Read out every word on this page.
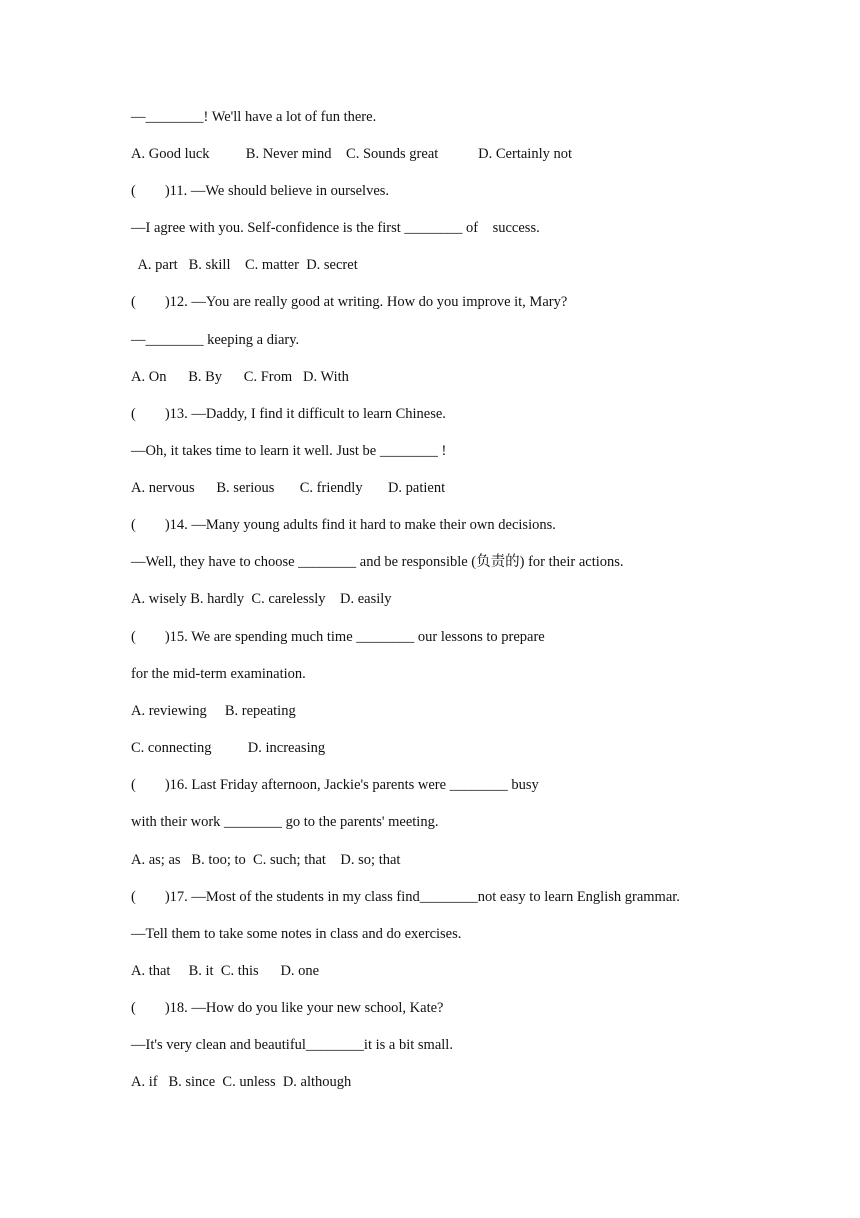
—________! We'll have a lot of fun there.
A. Good luck          B. Never mind    C. Sounds great           D. Certainly not
(        )11. —We should believe in ourselves.
—I agree with you. Self-confidence is the first ________ of    success.
A. part   B. skill    C. matter  D. secret
(        )12. —You are really good at writing. How do you improve it, Mary?
—________ keeping a diary.
A. On      B. By      C. From   D. With
(        )13. —Daddy, I find it difficult to learn Chinese.
—Oh, it takes time to learn it well. Just be ________ !
A. nervous      B. serious       C. friendly       D. patient
(        )14. —Many young adults find it hard to make their own decisions.
—Well, they have to choose ________ and be responsible (负责的) for their actions.
A. wisely B. hardly  C. carelessly    D. easily
(        )15. We are spending much time ________ our lessons to prepare
for the mid-term examination.
A. reviewing     B. repeating
C. connecting          D. increasing
(        )16. Last Friday afternoon, Jackie's parents were ________ busy
with their work ________ go to the parents' meeting.
A. as; as   B. too; to  C. such; that    D. so; that
(        )17. —Most of the students in my class find________not easy to learn English grammar.
—Tell them to take some notes in class and do exercises.
A. that     B. it  C. this      D. one
(        )18. —How do you like your new school, Kate?
—It's very clean and beautiful________it is a bit small.
A. if   B. since  C. unless  D. although
